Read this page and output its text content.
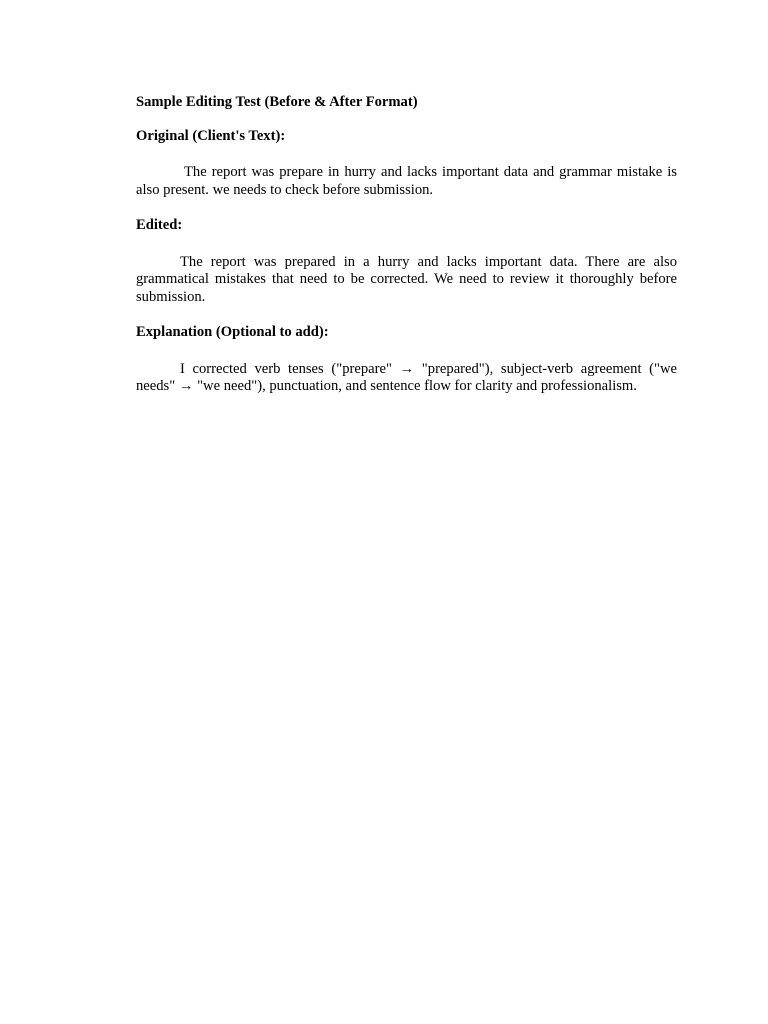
Sample Editing Test (Before & After Format)

Original (Client's Text):

The report was prepare in hurry and lacks important data and grammar mistake is also present. we needs to check before submission.

Edited:

The report was prepared in a hurry and lacks important data. There are also grammatical mistakes that need to be corrected. We need to review it thoroughly before submission.

Explanation (Optional to add):

I corrected verb tenses ("prepare" → "prepared"), subject-verb agreement ("we needs" → "we need"), punctuation, and sentence flow for clarity and professionalism.
